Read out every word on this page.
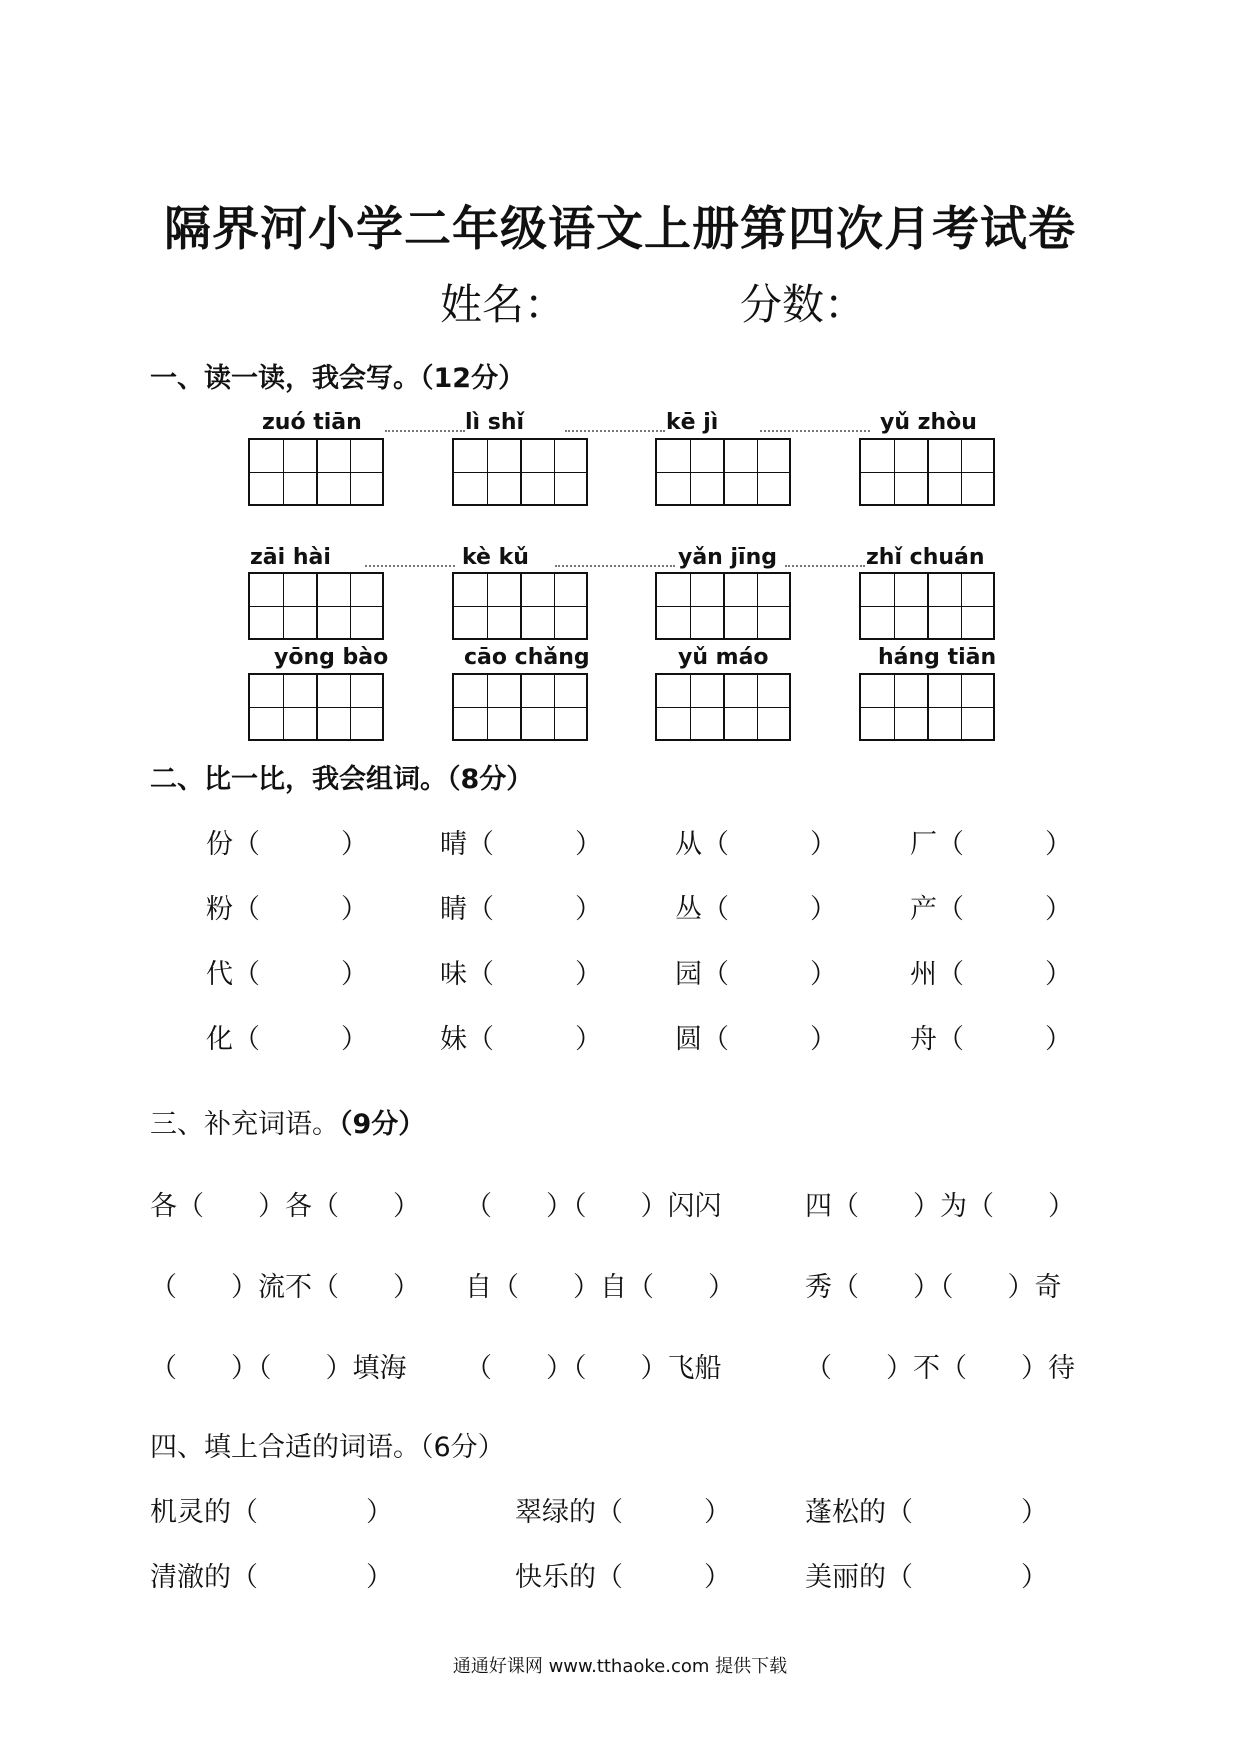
隔界河小学二年级语文上册第四次月考试卷
姓名：	分数：
一、读一读，我会写。（12分）
zuó tiān	lì shǐ	kē jì	yǔ zhòu
zāi hài	kè kǔ	yǎn jīng	zhǐ chuán
yōng bào	cāo chǎng	yǔ máo	háng tiān
二、比一比，我会组词。（8分）
份（　　　）	晴（　　　）	从（　　　）	厂（　　　）
粉（　　　）	睛（　　　）	丛（　　　）	产（　　　）
代（　　　）	味（　　　）	园（　　　）	州（　　　）
化（　　　）	妹（　　　）	圆（　　　）	舟（　　　）
三、补充词语。（9分）
各（　　）各（　　） （　　）（　　）闪闪	四（　　）为（　　）
（　　）流不（　　） 自（　　）自（　　）	秀（　　）（　　）奇
（　　）（　　）填海 （　　）（　　）飞船	（　　）不（　　）待
四、填上合适的词语。（6分）
机灵的（　　　　）	翠绿的（　　　）	蓬松的（　　　　）
清澈的（　　　　）	快乐的（　　　）	美丽的（　　　　）
通通好课网 www.tthaoke.com 提供下载
